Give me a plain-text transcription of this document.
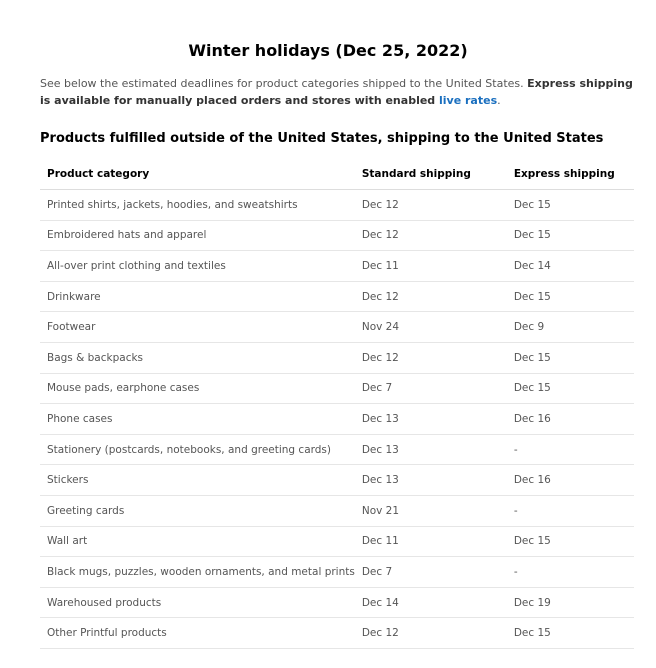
Winter holidays (Dec 25, 2022)

See below the estimated deadlines for product categories shipped to the United States. Express shipping is available for manually placed orders and stores with enabled live rates.

Products fulfilled outside of the United States, shipping to the United States
Product category	Standard shipping	Express shipping
Printed shirts, jackets, hoodies, and sweatshirts	Dec 12	Dec 15
Embroidered hats and apparel	Dec 12	Dec 15
All-over print clothing and textiles	Dec 11	Dec 14
Drinkware	Dec 12	Dec 15
Footwear	Nov 24	Dec 9
Bags & backpacks	Dec 12	Dec 15
Mouse pads, earphone cases	Dec 7	Dec 15
Phone cases	Dec 13	Dec 16
Stationery (postcards, notebooks, and greeting cards)	Dec 13	-
Stickers	Dec 13	Dec 16
Greeting cards	Nov 21	-
Wall art	Dec 11	Dec 15
Black mugs, puzzles, wooden ornaments, and metal prints	Dec 7	-
Warehoused products	Dec 14	Dec 19
Other Printful products	Dec 12	Dec 15
